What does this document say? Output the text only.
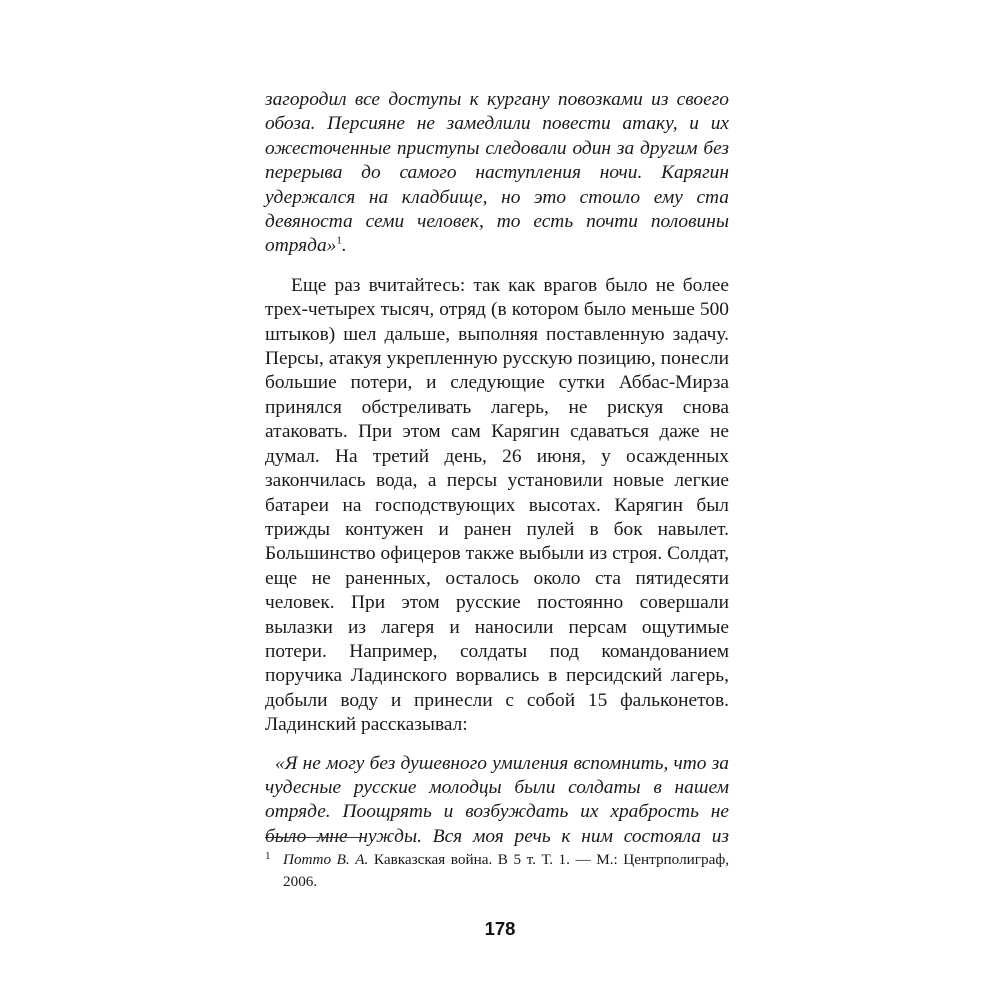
загородил все доступы к кургану повозками из своего обоза. Персияне не замедлили повести атаку, и их ожесточенные приступы следовали один за другим без перерыва до самого наступления ночи. Карягин удержался на кладбище, но это стоило ему ста девяноста семи человек, то есть почти половины отряда»$^1$.

Еще раз вчитайтесь: так как врагов было не более трех-четырех тысяч, отряд (в котором было меньше 500 штыков) шел дальше, выполняя поставленную задачу. Персы, атакуя укрепленную русскую позицию, понесли большие потери, и следующие сутки Аббас-Мирза принялся обстреливать лагерь, не рискуя снова атаковать. При этом сам Карягин сдаваться даже не думал. На третий день, 26 июня, у осажденных закончилась вода, а персы установили новые легкие батареи на господствующих высотах. Карягин был трижды контужен и ранен пулей в бок навылет. Большинство офицеров также выбыли из строя. Солдат, еще не раненных, осталось около ста пятидесяти человек. При этом русские постоянно совершали вылазки из лагеря и наносили персам ощутимые потери. Например, солдаты под командованием поручика Ладинского ворвались в персидский лагерь, добыли воду и принесли с собой 15 фальконетов. Ладинский рассказывал:

«Я не могу без душевного умиления вспомнить, что за чудесные русские молодцы были солдаты в нашем отряде. Поощрять и возбуждать их храбрость не было мне нужды. Вся моя речь к ним состояла из

1 Потто В. А. Кавказская война. В 5 т. Т. 1. — М.: Центрполиграф, 2006.
178
